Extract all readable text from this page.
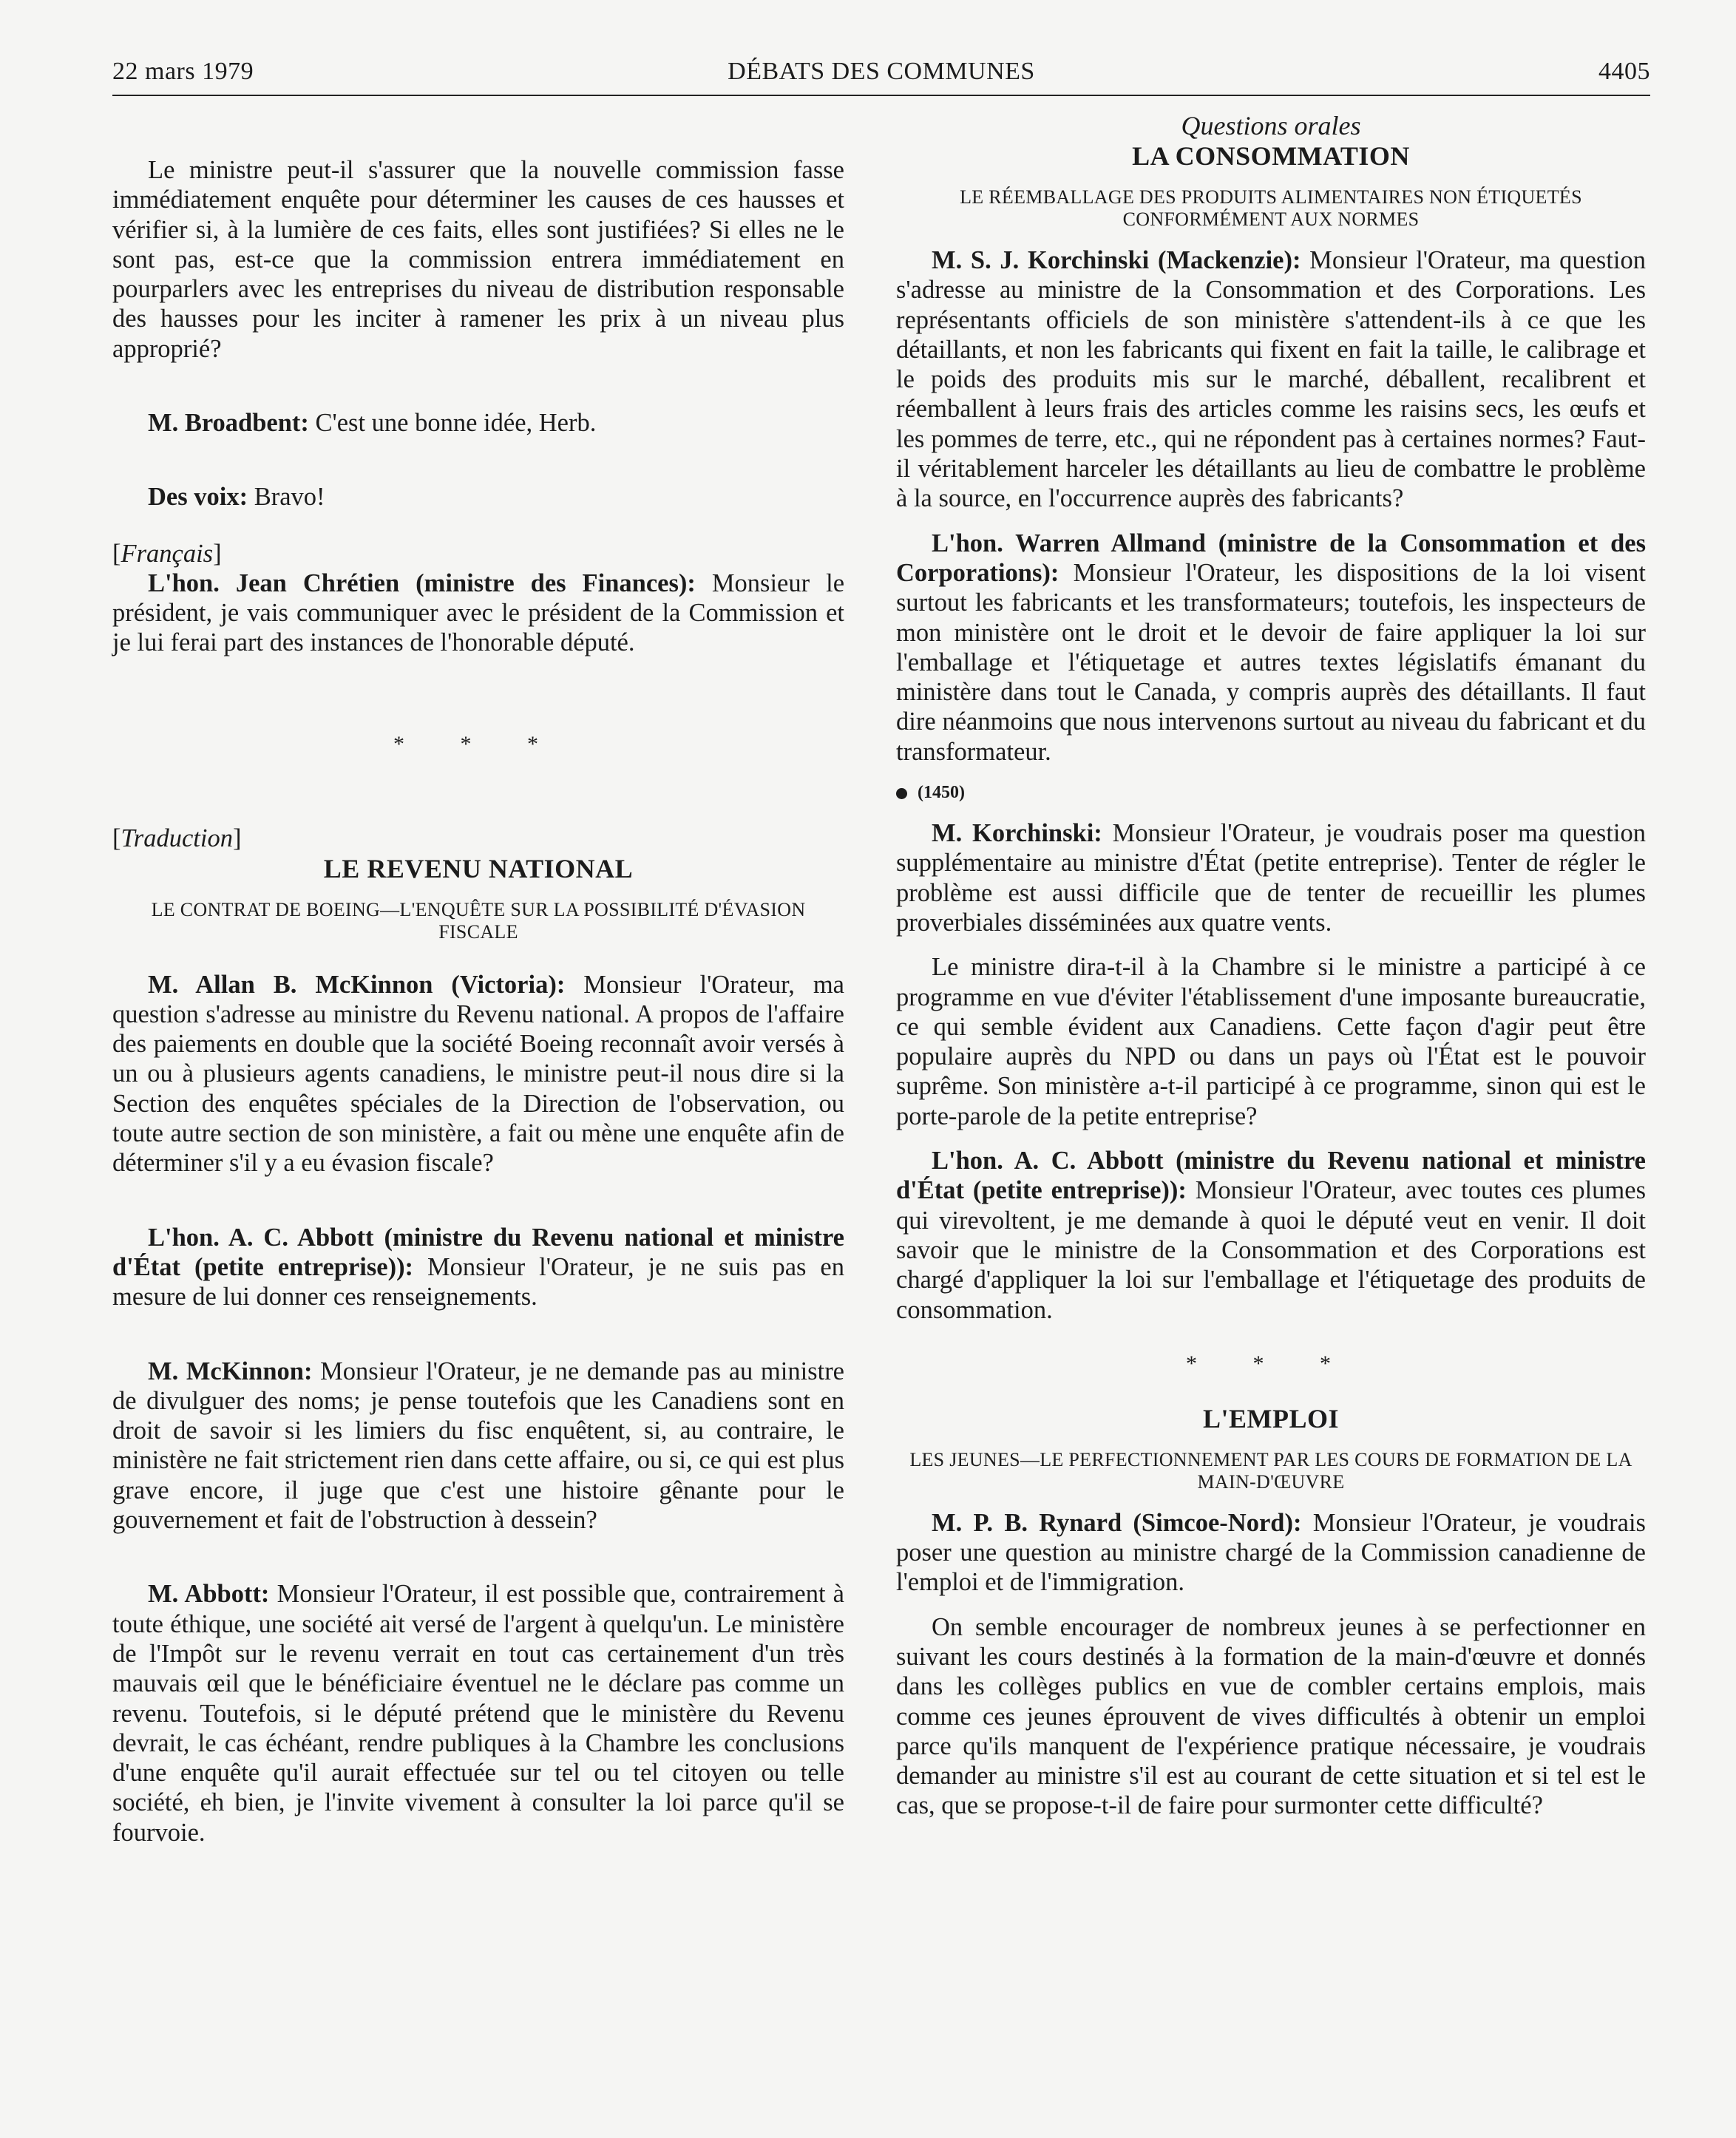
22 mars 1979	DÉBATS DES COMMUNES	4405

Le ministre peut-il s'assurer que la nouvelle commission fasse immédiatement enquête pour déterminer les causes de ces hausses et vérifier si, à la lumière de ces faits, elles sont justifiées? Si elles ne le sont pas, est-ce que la commission entrera immédiatement en pourparlers avec les entreprises du niveau de distribution responsable des hausses pour les inciter à ramener les prix à un niveau plus approprié?

M. Broadbent: C'est une bonne idée, Herb.

Des voix: Bravo!

[Français]

L'hon. Jean Chrétien (ministre des Finances): Monsieur le président, je vais communiquer avec le président de la Commission et je lui ferai part des instances de l'honorable député.

* * *

[Traduction]

LE REVENU NATIONAL

LE CONTRAT DE BOEING—L'ENQUÊTE SUR LA POSSIBILITÉ D'ÉVASION FISCALE

M. Allan B. McKinnon (Victoria): Monsieur l'Orateur, ma question s'adresse au ministre du Revenu national. A propos de l'affaire des paiements en double que la société Boeing reconnaît avoir versés à un ou à plusieurs agents canadiens, le ministre peut-il nous dire si la Section des enquêtes spéciales de la Direction de l'observation, ou toute autre section de son ministère, a fait ou mène une enquête afin de déterminer s'il y a eu évasion fiscale?

L'hon. A. C. Abbott (ministre du Revenu national et ministre d'État (petite entreprise)): Monsieur l'Orateur, je ne suis pas en mesure de lui donner ces renseignements.

M. McKinnon: Monsieur l'Orateur, je ne demande pas au ministre de divulguer des noms; je pense toutefois que les Canadiens sont en droit de savoir si les limiers du fisc enquêtent, si, au contraire, le ministère ne fait strictement rien dans cette affaire, ou si, ce qui est plus grave encore, il juge que c'est une histoire gênante pour le gouvernement et fait de l'obstruction à dessein?

M. Abbott: Monsieur l'Orateur, il est possible que, contrairement à toute éthique, une société ait versé de l'argent à quelqu'un. Le ministère de l'Impôt sur le revenu verrait en tout cas certainement d'un très mauvais œil que le bénéficiaire éventuel ne le déclare pas comme un revenu. Toutefois, si le député prétend que le ministère du Revenu devrait, le cas échéant, rendre publiques à la Chambre les conclusions d'une enquête qu'il aurait effectuée sur tel ou tel citoyen ou telle société, eh bien, je l'invite vivement à consulter la loi parce qu'il se fourvoie.

Questions orales

LA CONSOMMATION

LE RÉEMBALLAGE DES PRODUITS ALIMENTAIRES NON ÉTIQUETÉS CONFORMÉMENT AUX NORMES

M. S. J. Korchinski (Mackenzie): Monsieur l'Orateur, ma question s'adresse au ministre de la Consommation et des Corporations. Les représentants officiels de son ministère s'attendent-ils à ce que les détaillants, et non les fabricants qui fixent en fait la taille, le calibrage et le poids des produits mis sur le marché, déballent, recalibrent et réemballent à leurs frais des articles comme les raisins secs, les œufs et les pommes de terre, etc., qui ne répondent pas à certaines normes? Faut-il véritablement harceler les détaillants au lieu de combattre le problème à la source, en l'occurrence auprès des fabricants?

L'hon. Warren Allmand (ministre de la Consommation et des Corporations): Monsieur l'Orateur, les dispositions de la loi visent surtout les fabricants et les transformateurs; toutefois, les inspecteurs de mon ministère ont le droit et le devoir de faire appliquer la loi sur l'emballage et l'étiquetage et autres textes législatifs émanant du ministère dans tout le Canada, y compris auprès des détaillants. Il faut dire néanmoins que nous intervenons surtout au niveau du fabricant et du transformateur.

(1450)

M. Korchinski: Monsieur l'Orateur, je voudrais poser ma question supplémentaire au ministre d'État (petite entreprise). Tenter de régler le problème est aussi difficile que de tenter de recueillir les plumes proverbiales disséminées aux quatre vents.

Le ministre dira-t-il à la Chambre si le ministre a participé à ce programme en vue d'éviter l'établissement d'une imposante bureaucratie, ce qui semble évident aux Canadiens. Cette façon d'agir peut être populaire auprès du NPD ou dans un pays où l'État est le pouvoir suprême. Son ministère a-t-il participé à ce programme, sinon qui est le porte-parole de la petite entreprise?

L'hon. A. C. Abbott (ministre du Revenu national et ministre d'État (petite entreprise)): Monsieur l'Orateur, avec toutes ces plumes qui virevoltent, je me demande à quoi le député veut en venir. Il doit savoir que le ministre de la Consommation et des Corporations est chargé d'appliquer la loi sur l'emballage et l'étiquetage des produits de consommation.

* * *

L'EMPLOI

LES JEUNES—LE PERFECTIONNEMENT PAR LES COURS DE FORMATION DE LA MAIN-D'ŒUVRE

M. P. B. Rynard (Simcoe-Nord): Monsieur l'Orateur, je voudrais poser une question au ministre chargé de la Commission canadienne de l'emploi et de l'immigration.

On semble encourager de nombreux jeunes à se perfectionner en suivant les cours destinés à la formation de la main-d'œuvre et donnés dans les collèges publics en vue de combler certains emplois, mais comme ces jeunes éprouvent de vives difficultés à obtenir un emploi parce qu'ils manquent de l'expérience pratique nécessaire, je voudrais demander au ministre s'il est au courant de cette situation et si tel est le cas, que se propose-t-il de faire pour surmonter cette difficulté?
